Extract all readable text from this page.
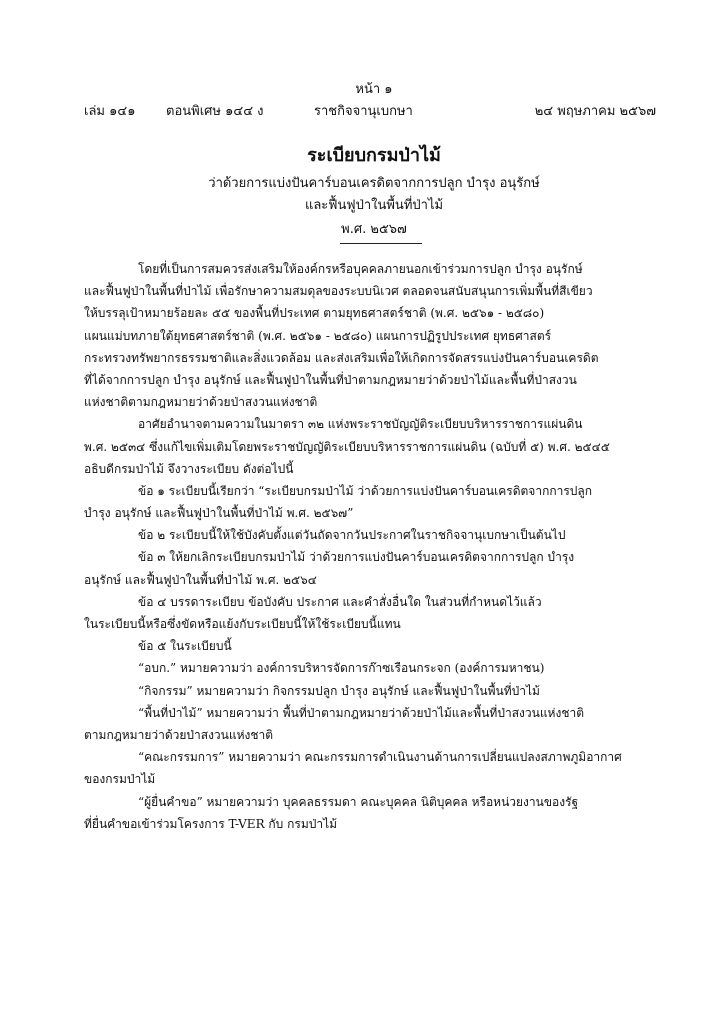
หน้า ๑
เล่ม ๑๔๑ ตอนพิเศษ ๑๔๔ ง	ราชกิจจานุเบกษา	๒๔ พฤษภาคม ๒๕๖๗
ระเบียบกรมป่าไม้
ว่าด้วยการแบ่งปันคาร์บอนเครดิตจากการปลูก บำรุง อนุรักษ์
และฟื้นฟูป่าในพื้นที่ป่าไม้
พ.ศ. ๒๕๖๗
โดยที่เป็นการสมควรส่งเสริมให้องค์กรหรือบุคคลภายนอกเข้าร่วมการปลูก บำรุง อนุรักษ์
และฟื้นฟูป่าในพื้นที่ป่าไม้ เพื่อรักษาความสมดุลของระบบนิเวศ ตลอดจนสนับสนุนการเพิ่มพื้นที่สีเขียว
ให้บรรลุเป้าหมายร้อยละ ๕๕ ของพื้นที่ประเทศ ตามยุทธศาสตร์ชาติ (พ.ศ. ๒๕๖๑ - ๒๕๘๐)
แผนแม่บทภายใต้ยุทธศาสตร์ชาติ (พ.ศ. ๒๕๖๑ - ๒๕๘๐) แผนการปฏิรูปประเทศ ยุทธศาสตร์
กระทรวงทรัพยากรธรรมชาติและสิ่งแวดล้อม และส่งเสริมเพื่อให้เกิดการจัดสรรแบ่งปันคาร์บอนเครดิต
ที่ได้จากการปลูก บำรุง อนุรักษ์ และฟื้นฟูป่าในพื้นที่ป่าตามกฎหมายว่าด้วยป่าไม้และพื้นที่ป่าสงวน
แห่งชาติตามกฎหมายว่าด้วยป่าสงวนแห่งชาติ
อาศัยอำนาจตามความในมาตรา ๓๒ แห่งพระราชบัญญัติระเบียบบริหารราชการแผ่นดิน
พ.ศ. ๒๕๓๔ ซึ่งแก้ไขเพิ่มเติมโดยพระราชบัญญัติระเบียบบริหารราชการแผ่นดิน (ฉบับที่ ๕) พ.ศ. ๒๕๔๕
อธิบดีกรมป่าไม้ จึงวางระเบียบ ดังต่อไปนี้
ข้อ ๑ ระเบียบนี้เรียกว่า “ระเบียบกรมป่าไม้ ว่าด้วยการแบ่งปันคาร์บอนเครดิตจากการปลูก
บำรุง อนุรักษ์ และฟื้นฟูป่าในพื้นที่ป่าไม้ พ.ศ. ๒๕๖๗”
ข้อ ๒ ระเบียบนี้ให้ใช้บังคับตั้งแต่วันถัดจากวันประกาศในราชกิจจานุเบกษาเป็นต้นไป
ข้อ ๓ ให้ยกเลิกระเบียบกรมป่าไม้ ว่าด้วยการแบ่งปันคาร์บอนเครดิตจากการปลูก บำรุง
อนุรักษ์ และฟื้นฟูป่าในพื้นที่ป่าไม้ พ.ศ. ๒๕๖๔
ข้อ ๔ บรรดาระเบียบ ข้อบังคับ ประกาศ และคำสั่งอื่นใด ในส่วนที่กำหนดไว้แล้ว
ในระเบียบนี้หรือซึ่งขัดหรือแย้งกับระเบียบนี้ให้ใช้ระเบียบนี้แทน
ข้อ ๕ ในระเบียบนี้
“อบก.” หมายความว่า องค์การบริหารจัดการก๊าซเรือนกระจก (องค์การมหาชน)
“กิจกรรม” หมายความว่า กิจกรรมปลูก บำรุง อนุรักษ์ และฟื้นฟูป่าในพื้นที่ป่าไม้
“พื้นที่ป่าไม้” หมายความว่า พื้นที่ป่าตามกฎหมายว่าด้วยป่าไม้และพื้นที่ป่าสงวนแห่งชาติ
ตามกฎหมายว่าด้วยป่าสงวนแห่งชาติ
“คณะกรรมการ” หมายความว่า คณะกรรมการดำเนินงานด้านการเปลี่ยนแปลงสภาพภูมิอากาศ
ของกรมป่าไม้
“ผู้ยื่นคำขอ” หมายความว่า บุคคลธรรมดา คณะบุคคล นิติบุคคล หรือหน่วยงานของรัฐ
ที่ยื่นคำขอเข้าร่วมโครงการ T-VER กับ กรมป่าไม้
